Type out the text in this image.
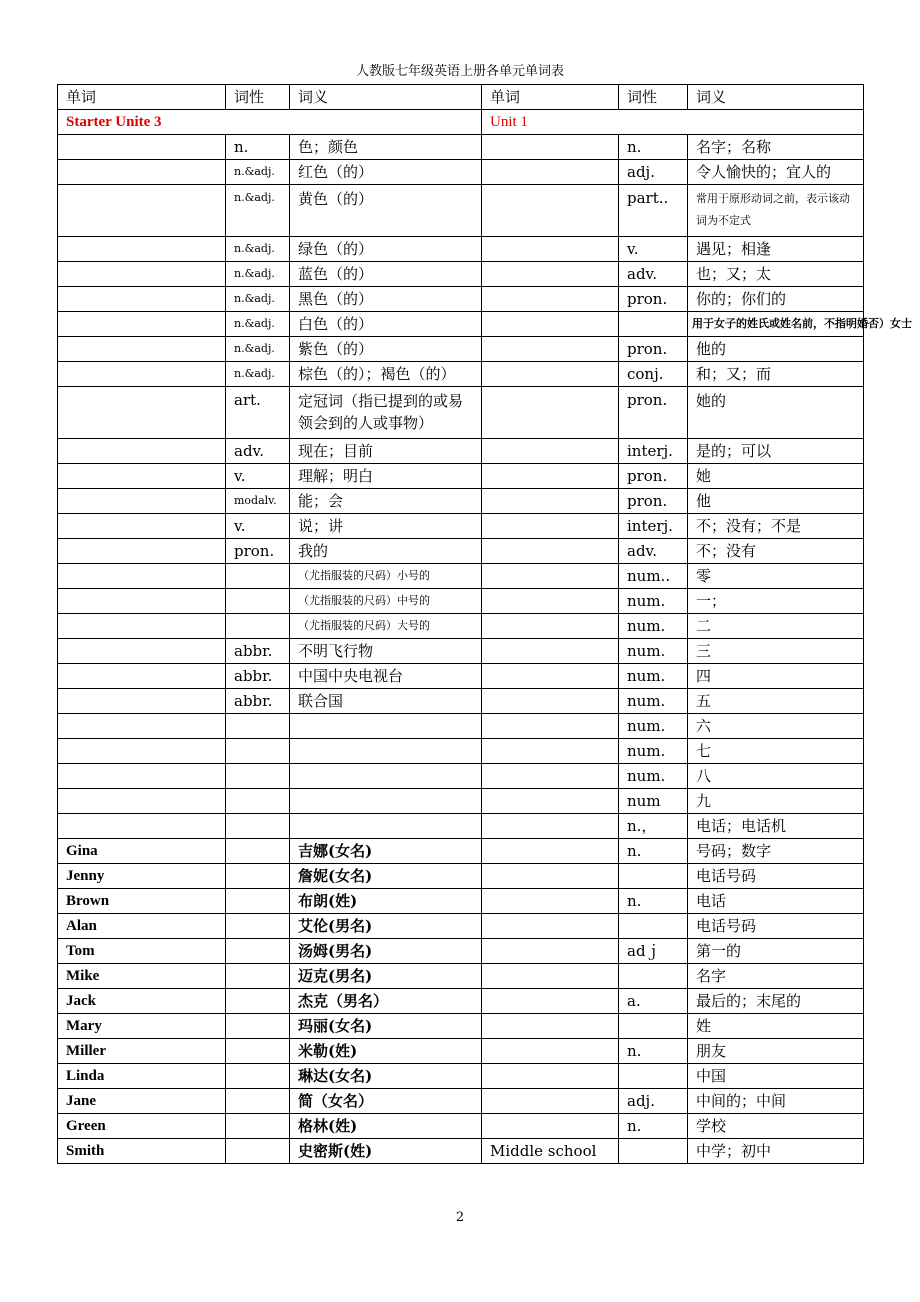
人教版七年级英语上册各单元单词表
单词	词性	词义	单词	词性	词义
Starter Unite 3			Unit 1		
	n.	色；颜色		n.	名字；名称
	n.&adj.	红色（的）		adj.	令人愉快的；宜人的
	n.&adj.	黄色（的）		part..	常用于原形动词之前，表示该动词为不定式
	n.&adj.	绿色（的）		v.	遇见；相逢
	n.&adj.	蓝色（的）		adv.	也；又；太
	n.&adj.	黑色（的）		pron.	你的；你们的
	n.&adj.	白色（的）			用于女子的姓氏或姓名前，不指明婚否）女士
	n.&adj.	紫色（的）		pron.	他的
	n.&adj.	棕色（的）；褐色（的）		conj.	和；又；而
	art.	定冠词（指已提到的或易领会到的人或事物）		pron.	她的
	adv.	现在；目前		interj.	是的；可以
	v.	理解；明白		pron.	她
	modalv.	能；会		pron.	他
	v.	说；讲		interj.	不；没有；不是
	pron.	我的		adv.	不；没有
		（尤指服装的尺码）小号的		num..	零
		（尤指服装的尺码）中号的		num.	一；
		（尤指服装的尺码）大号的		num.	二
	abbr.	不明飞行物		num.	三
	abbr.	中国中央电视台		num.	四
	abbr.	联合国		num.	五
				num.	六
				num.	七
				num.	八
				num	九
				n.，	电话；电话机
Gina		吉娜(女名)		n.	号码；数字
Jenny		詹妮(女名)			电话号码
Brown		布朗(姓)		n.	电话
Alan		艾伦(男名)			电话号码
Tom		汤姆(男名)		adｊ	第一的
Mike		迈克(男名)			名字
Jack		杰克（男名）		a.	最后的；末尾的
Mary		玛丽(女名)			姓
Miller		米勒(姓)		n.	朋友
Linda		琳达(女名)			中国
Jane		简（女名）		adj.	中间的；中间
Green		格林(姓)		n.	学校
Smith		史密斯(姓)	Middle school		中学；初中
2
